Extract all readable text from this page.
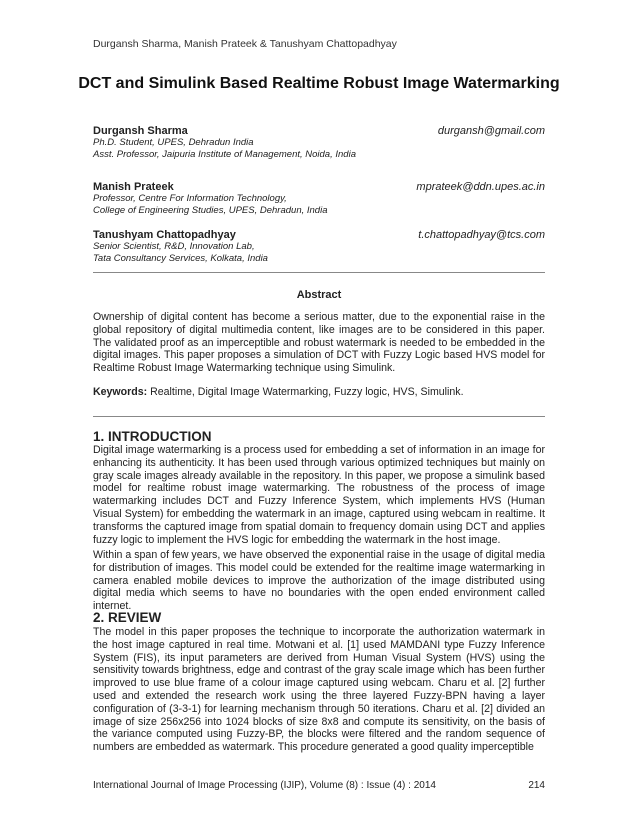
Durgansh Sharma, Manish Prateek & Tanushyam Chattopadhyay
DCT and Simulink Based Realtime Robust Image Watermarking
Durgansh Sharma	durgansh@gmail.com
Ph.D. Student, UPES, Dehradun India
Asst. Professor, Jaipuria Institute of Management, Noida, India
Manish Prateek	mprateek@ddn.upes.ac.in
Professor, Centre For Information Technology,
College of Engineering Studies, UPES, Dehradun, India
Tanushyam Chattopadhyay	t.chattopadhyay@tcs.com
Senior Scientist, R&D, Innovation Lab,
Tata Consultancy Services, Kolkata, India
Abstract
Ownership of digital content has become a serious matter, due to the exponential raise in the global repository of digital multimedia content, like images are to be considered in this paper. The validated proof as an imperceptible and robust watermark is needed to be embedded in the digital images. This paper proposes a simulation of DCT with Fuzzy Logic based HVS model for Realtime Robust Image Watermarking technique using Simulink.
Keywords: Realtime, Digital Image Watermarking, Fuzzy logic, HVS, Simulink.
1. INTRODUCTION
Digital image watermarking is a process used for embedding a set of information in an image for enhancing its authenticity. It has been used through various optimized techniques but mainly on gray scale images already available in the repository. In this paper, we propose a simulink based model for realtime robust image watermarking. The robustness of the process of image watermarking includes DCT and Fuzzy Inference System, which implements HVS (Human Visual System) for embedding the watermark in an image, captured using webcam in realtime. It transforms the captured image from spatial domain to frequency domain using DCT and applies fuzzy logic to implement the HVS logic for embedding the watermark in the host image.
Within a span of few years, we have observed the exponential raise in the usage of digital media for distribution of images. This model could be extended for the realtime image watermarking in camera enabled mobile devices to improve the authorization of the image distributed using digital media which seems to have no boundaries with the open ended environment called internet.
2. REVIEW
The model in this paper proposes the technique to incorporate the authorization watermark in the host image captured in real time. Motwani et al. [1] used MAMDANI type Fuzzy Inference System (FIS), its input parameters are derived from Human Visual System (HVS) using the sensitivity towards brightness, edge and contrast of the gray scale image which has been further improved to use blue frame of a colour image captured using webcam. Charu et al. [2] further used and extended the research work using the three layered Fuzzy-BPN having a layer configuration of (3-3-1) for learning mechanism through 50 iterations. Charu et al. [2] divided an image of size 256x256 into 1024 blocks of size 8x8 and compute its sensitivity, on the basis of the variance computed using Fuzzy-BP, the blocks were filtered and the random sequence of numbers are embedded as watermark. This procedure generated a good quality imperceptible
International Journal of Image Processing (IJIP), Volume (8) : Issue (4) : 2014	214
